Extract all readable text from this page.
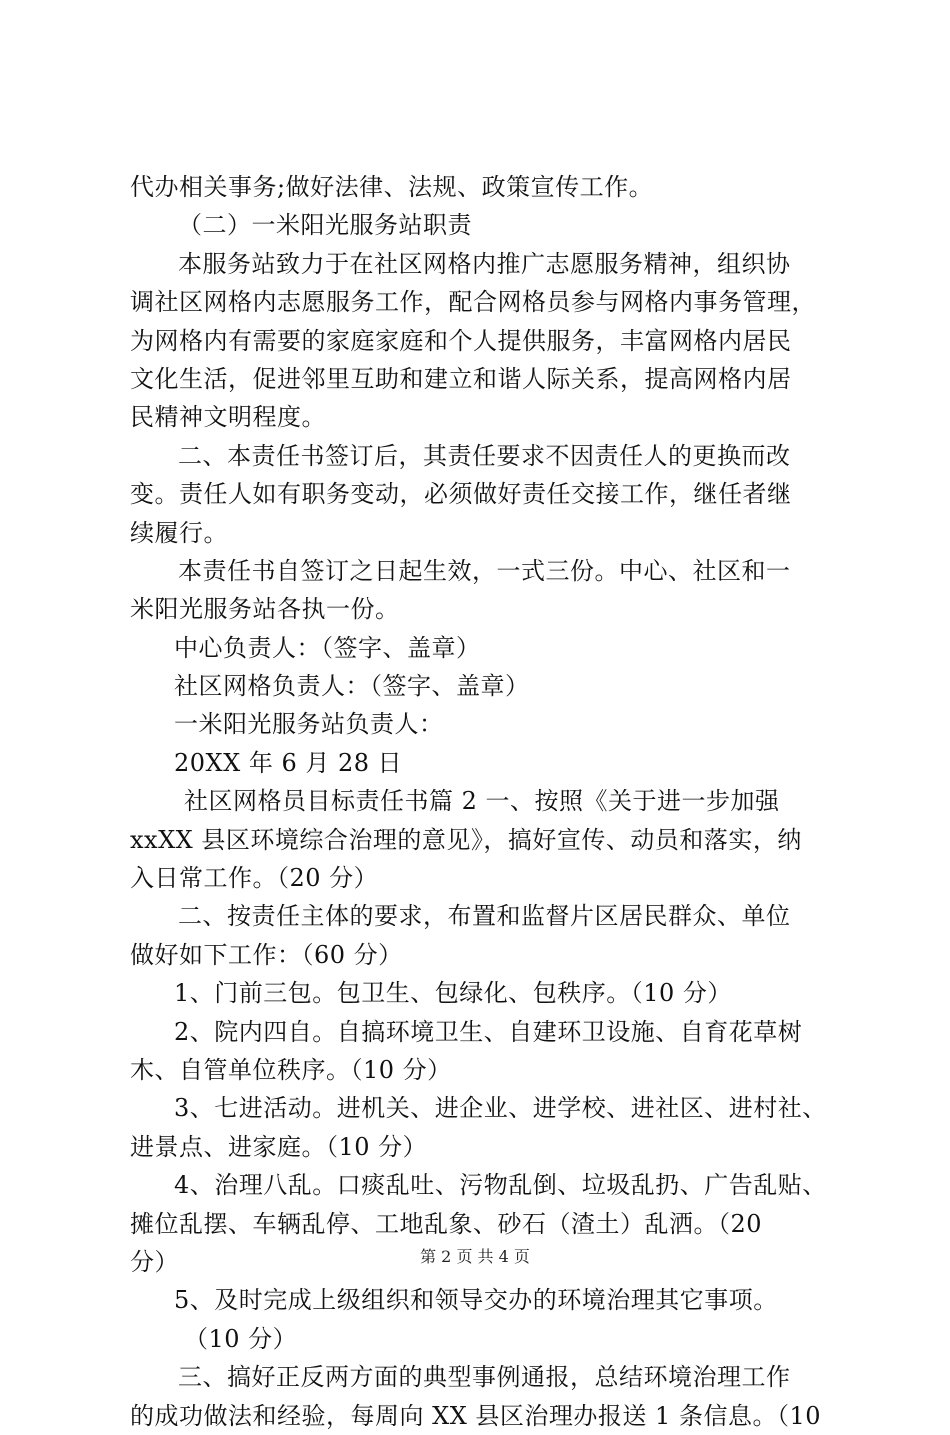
代办相关事务;做好法律、法规、政策宣传工作。
（二）一米阳光服务站职责
本服务站致力于在社区网格内推广志愿服务精神，组织协
调社区网格内志愿服务工作，配合网格员参与网格内事务管理，
为网格内有需要的家庭家庭和个人提供服务，丰富网格内居民
文化生活，促进邻里互助和建立和谐人际关系，提高网格内居
民精神文明程度。
二、本责任书签订后，其责任要求不因责任人的更换而改
变。责任人如有职务变动，必须做好责任交接工作，继任者继
续履行。
本责任书自签订之日起生效，一式三份。中心、社区和一
米阳光服务站各执一份。
中心负责人：（签字、盖章）
社区网格负责人：（签字、盖章）
一米阳光服务站负责人：
20XX 年 6 月 28 日
社区网格员目标责任书篇 2 一、按照《关于进一步加强
xxXX 县区环境综合治理的意见》，搞好宣传、动员和落实，纳
入日常工作。（20 分）
二、按责任主体的要求，布置和监督片区居民群众、单位
做好如下工作：（60 分）
1、门前三包。包卫生、包绿化、包秩序。（10 分）
2、院内四自。自搞环境卫生、自建环卫设施、自育花草树
木、自管单位秩序。（10 分）
3、七进活动。进机关、进企业、进学校、进社区、进村社、
进景点、进家庭。（10 分）
4、治理八乱。口痰乱吐、污物乱倒、垃圾乱扔、广告乱贴、
摊位乱摆、车辆乱停、工地乱象、砂石（渣土）乱洒。（20
分）
5、及时完成上级组织和领导交办的环境治理其它事项。
（10 分）
三、搞好正反两方面的典型事例通报，总结环境治理工作
的成功做法和经验，每周向 XX 县区治理办报送 1 条信息。（10
第 2 页 共 4 页
